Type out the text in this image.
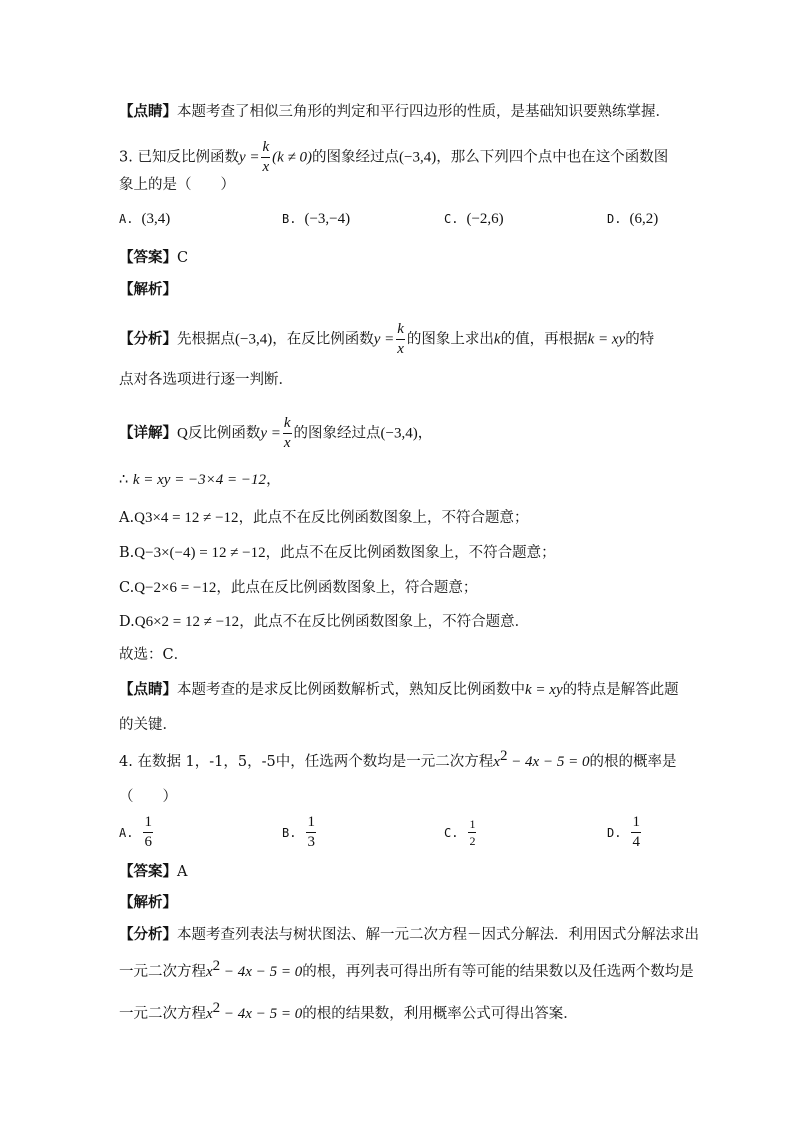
【点睛】本题考查了相似三角形的判定和平行四边形的性质，是基础知识要熟练掌握．
3. 已知反比例函数$y = \frac{k}{x} (k \ne 0)$的图象经过点(−3,4)，那么下列四个点中也在这个函数图
象上的是（　　）
A. (3,4)	B. (−3,−4)	C. (−2,6)	D. (6,2)
【答案】C
【解析】
【分析】先根据点(−3,4)，在反比例函数$y = \frac{k}{x}$ 的图象上求出k的值，再根据k = xy的特
点对各选项进行逐一判断．
【详解】Q反比例函数$y = \frac{k}{x}$ 的图象经过点(−3,4)，
∴ k = xy = −3×4 = −12，
A.Q3×4 = 12 ≠ −12，此点不在反比例函数图象上，不符合题意；
B.Q−3×(−4) = 12 ≠ −12，此点不在反比例函数图象上，不符合题意；
C.Q−2×6 = −12，此点在反比例函数图象上，符合题意；
D.Q6×2 = 12 ≠ −12，此点不在反比例函数图象上，不符合题意．
故选：C．
【点睛】本题考查的是求反比例函数解析式，熟知反比例函数中k = xy的特点是解答此题
的关键．
4. 在数据 1，-1，5，-5中，任选两个数均是一元二次方程$x^2 - 4x - 5 = 0$的根的概率是
（　　）
A. $\frac{1}{6}$	B. $\frac{1}{3}$	C. $\frac{1}{2}$	D. $\frac{1}{4}$
【答案】A
【解析】
【分析】本题考查列表法与树状图法、解一元二次方程－因式分解法．利用因式分解法求出
一元二次方程$x^2 - 4x - 5 = 0$的根，再列表可得出所有等可能的结果数以及任选两个数均是
一元二次方程$x^2 - 4x - 5 = 0$的根的结果数，利用概率公式可得出答案．
